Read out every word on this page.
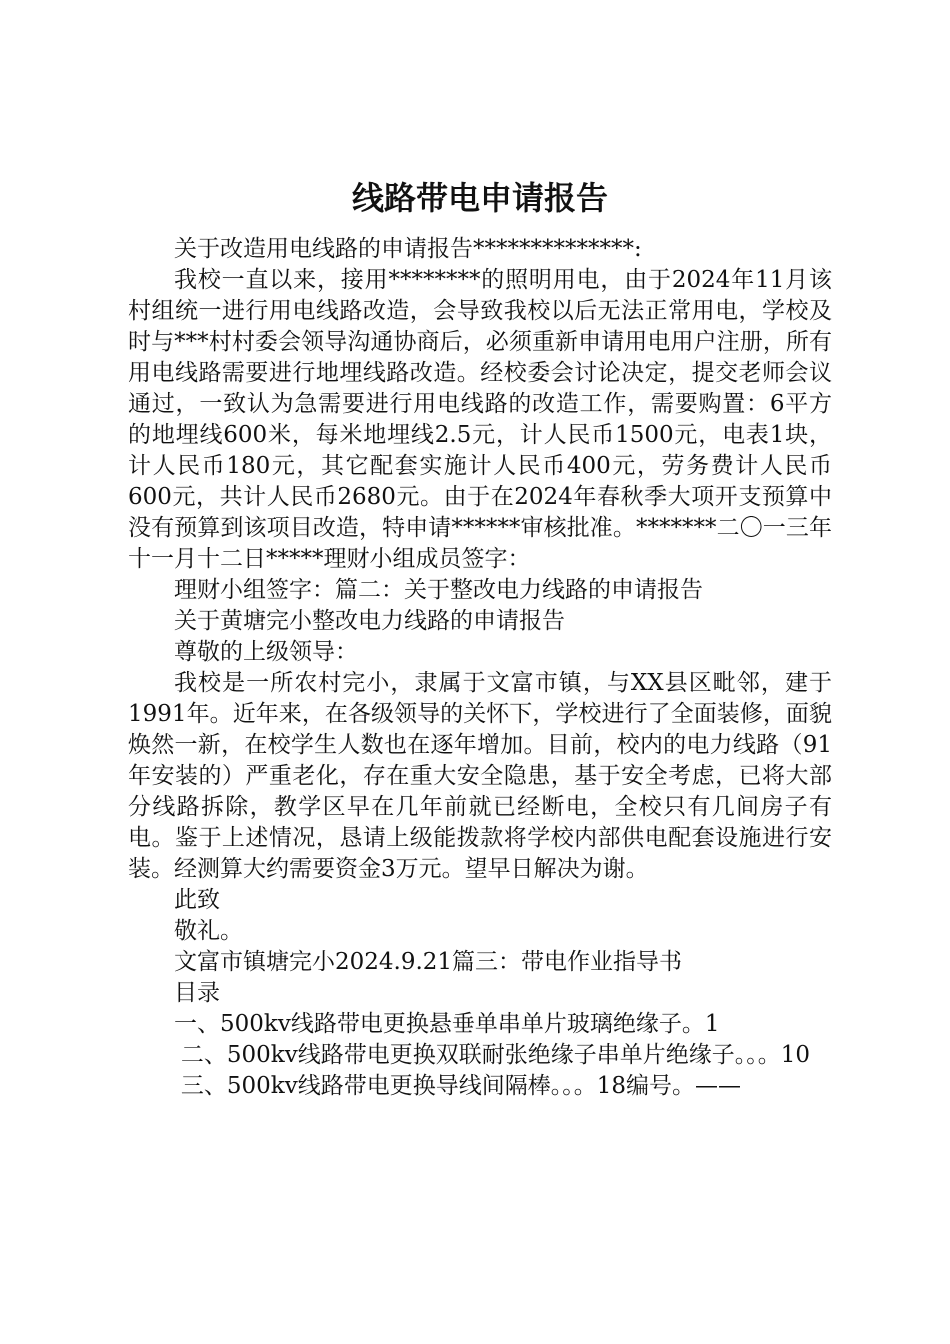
线路带电申请报告

关于改造用电线路的申请报告**************:

我校一直以来，接用********的照明用电，由于2024年11月该村组统一进行用电线路改造，会导致我校以后无法正常用电，学校及时与***村村委会领导沟通协商后，必须重新申请用电用户注册，所有用电线路需要进行地埋线路改造。经校委会讨论决定，提交老师会议通过，一致认为急需要进行用电线路的改造工作，需要购置：6平方的地埋线600米，每米地埋线2.5元，计人民币1500元，电表1块，计人民币180元，其它配套实施计人民币400元，劳务费计人民币600元，共计人民币2680元。由于在2024年春秋季大项开支预算中没有预算到该项目改造，特申请******审核批准。*******二〇一三年十一月十二日*****理财小组成员签字：

理财小组签字：篇二：关于整改电力线路的申请报告

关于黄塘完小整改电力线路的申请报告

尊敬的上级领导：

我校是一所农村完小，隶属于文富市镇，与XX县区毗邻，建于1991年。近年来，在各级领导的关怀下，学校进行了全面装修，面貌焕然一新，在校学生人数也在逐年增加。目前，校内的电力线路（91年安装的）严重老化，存在重大安全隐患，基于安全考虑，已将大部分线路拆除，教学区早在几年前就已经断电，全校只有几间房子有电。鉴于上述情况，恳请上级能拨款将学校内部供电配套设施进行安装。经测算大约需要资金3万元。望早日解决为谢。

此致

敬礼。

文富市镇塘完小2024.9.21篇三：带电作业指导书

目录

一、500kv线路带电更换悬垂单串单片玻璃绝缘子。1

二、500kv线路带电更换双联耐张绝缘子串单片绝缘子。。。10

三、500kv线路带电更换导线间隔棒。。。18编号。——
